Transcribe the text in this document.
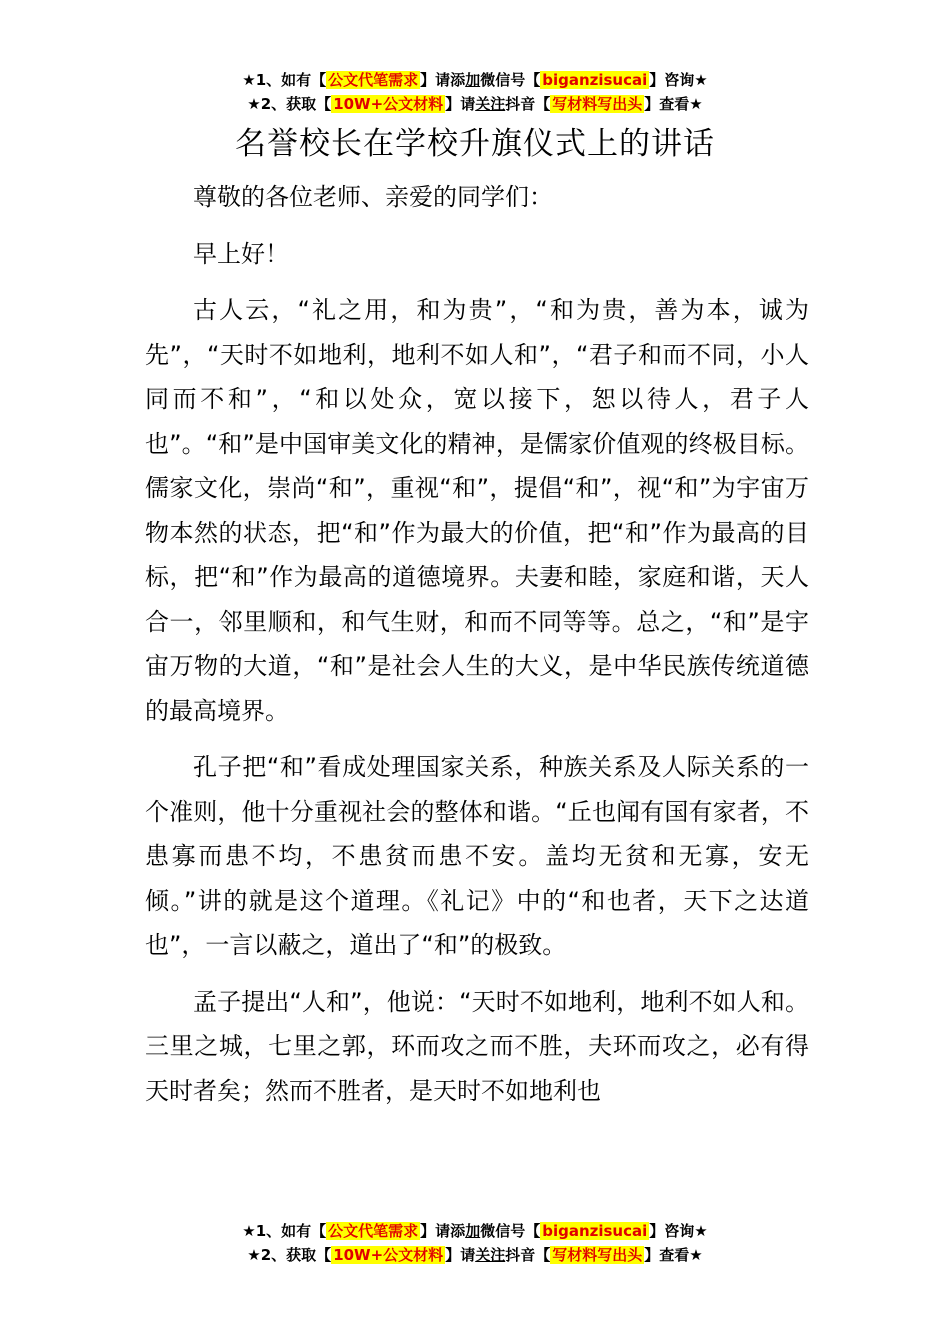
★1、如有【 公文代笔需求 】请添加微信号【 biganzisucai 】咨询★
★2、获取【 10W+公文材料 】请关注抖音【 写材料写出头 】查看★
名誉校长在学校升旗仪式上的讲话

尊敬的各位老师、亲爱的同学们：

早上好！

古人云，“礼之用，和为贵”，“和为贵，善为本，诚为先”，“天时不如地利，地利不如人和”，“君子和而不同，小人同而不和”，“和以处众，宽以接下，恕以待人，君子人也”。“和”是中国审美文化的精神，是儒家价值观的终极目标。儒家文化，崇尚“和”，重视“和”，提倡“和”，视“和”为宇宙万物本然的状态，把“和”作为最大的价值，把“和”作为最高的目标，把“和”作为最高的道德境界。夫妻和睦，家庭和谐，天人合一，邻里顺和，和气生财，和而不同等等。总之，“和”是宇宙万物的大道，“和”是社会人生的大义，是中华民族传统道德的最高境界。

孔子把“和”看成处理国家关系，种族关系及人际关系的一个准则，他十分重视社会的整体和谐。“丘也闻有国有家者，不患寡而患不均，不患贫而患不安。盖均无贫和无寡，安无倾。”讲的就是这个道理。《礼记》中的“和也者，天下之达道也”，一言以蔽之，道出了“和”的极致。

孟子提出“人和”，他说：“天时不如地利，地利不如人和。三里之城，七里之郭，环而攻之而不胜，夫环而攻之，必有得天时者矣；然而不胜者，是天时不如地利也

★1、如有【 公文代笔需求 】请添加微信号【 biganzisucai 】咨询★
★2、获取【 10W+公文材料 】请关注抖音【 写材料写出头 】查看★
